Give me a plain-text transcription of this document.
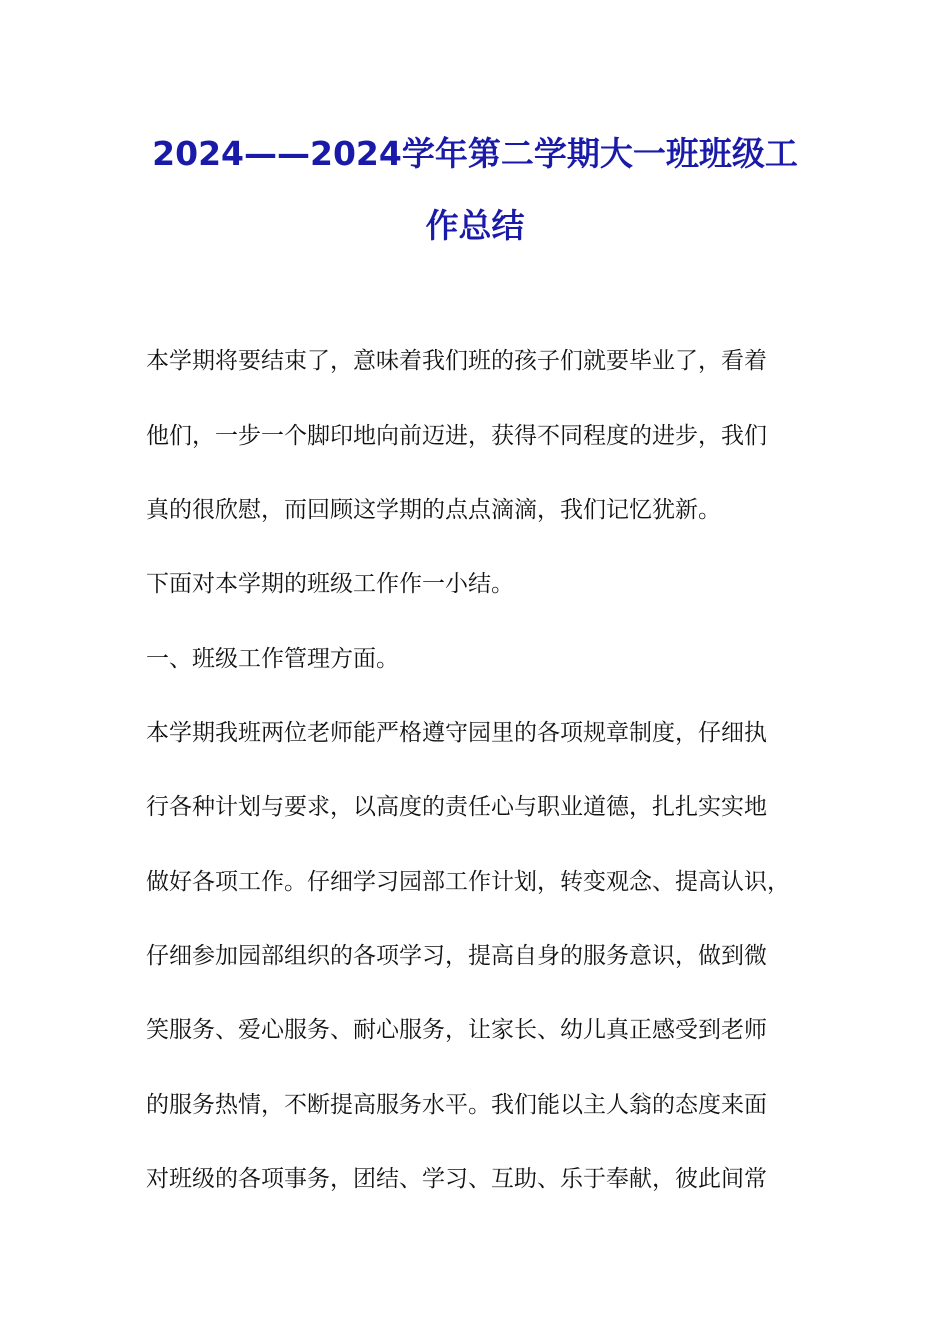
2024——2024学年第二学期大一班班级工
作总结
本学期将要结束了，意味着我们班的孩子们就要毕业了，看着
他们，一步一个脚印地向前迈进，获得不同程度的进步，我们
真的很欣慰，而回顾这学期的点点滴滴，我们记忆犹新。
下面对本学期的班级工作作一小结。
一、班级工作管理方面。
本学期我班两位老师能严格遵守园里的各项规章制度，仔细执
行各种计划与要求，以高度的责任心与职业道德，扎扎实实地
做好各项工作。仔细学习园部工作计划，转变观念、提高认识，
仔细参加园部组织的各项学习，提高自身的服务意识，做到微
笑服务、爱心服务、耐心服务，让家长、幼儿真正感受到老师
的服务热情，不断提高服务水平。我们能以主人翁的态度来面
对班级的各项事务，团结、学习、互助、乐于奉献，彼此间常
